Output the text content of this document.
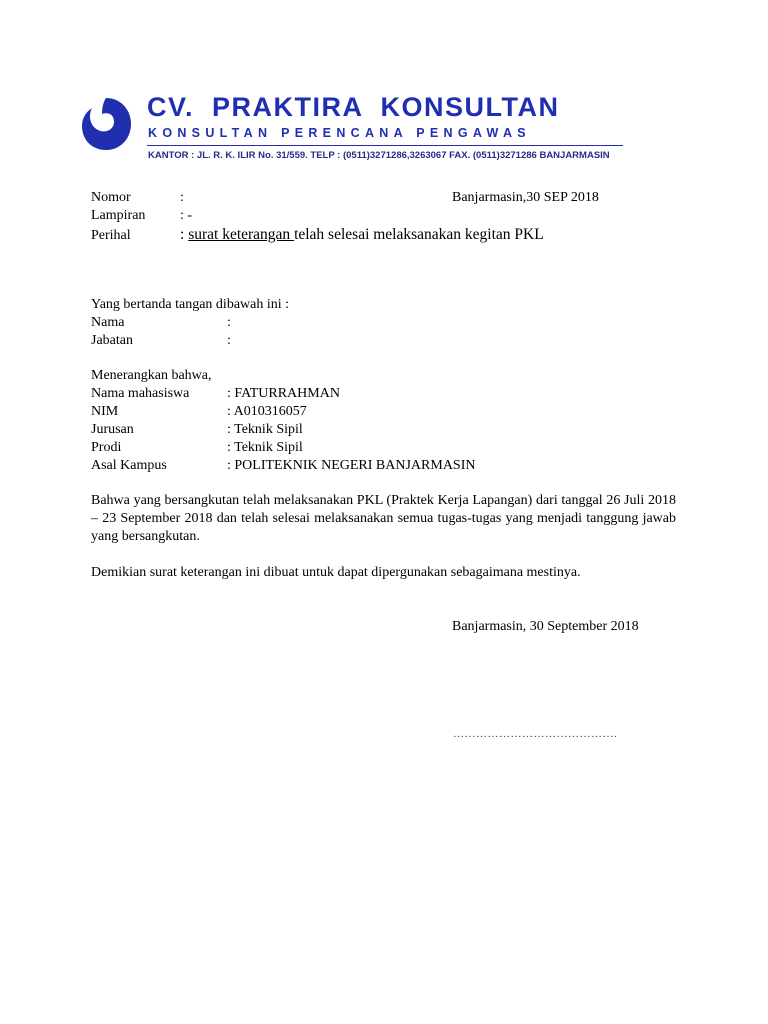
CV.  PRAKTIRA  KONSULTAN
KONSULTAN PERENCANA PENGAWAS
KANTOR : JL. R. K. ILIR No. 31/559. TELP : (0511)3271286,3263067 FAX. (0511)3271286 BANJARMASIN
Nomor	:	Banjarmasin,30 SEP 2018
Lampiran : -
Perihal	: surat keterangan telah selesai melaksanakan kegitan PKL
Yang bertanda tangan dibawah ini :
Nama	:
Jabatan	:
Menerangkan bahwa,
Nama mahasiswa	: FATURRAHMAN
NIM	: A010316057
Jurusan	: Teknik Sipil
Prodi	: Teknik Sipil
Asal Kampus	: POLITEKNIK NEGERI BANJARMASIN
Bahwa yang bersangkutan telah melaksanakan PKL (Praktek Kerja Lapangan) dari tanggal 26 Juli 2018 – 23 September 2018 dan telah selesai melaksanakan semua tugas-tugas yang menjadi tanggung jawab yang bersangkutan.
Demikian surat keterangan ini dibuat untuk dapat dipergunakan sebagaimana mestinya.
Banjarmasin, 30 September 2018
…………………………………….
